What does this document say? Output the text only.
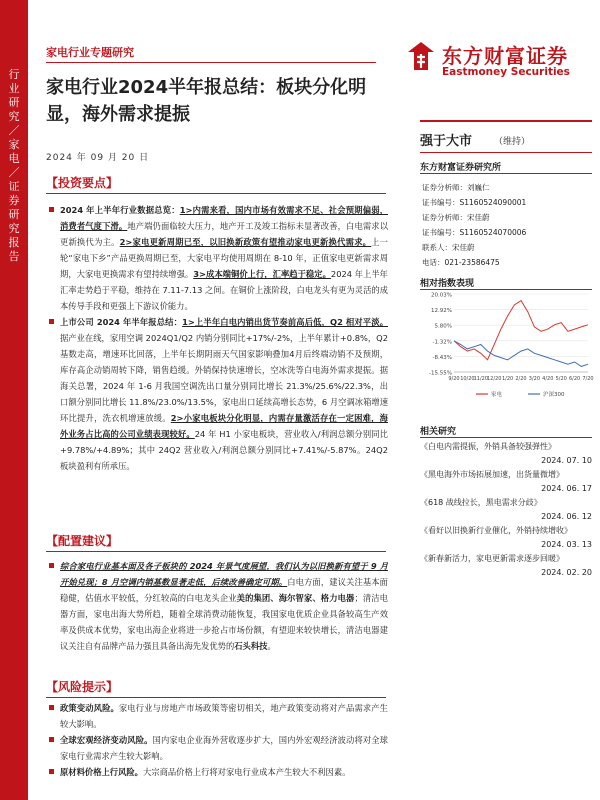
行业研究／家电／证券研究报告
家电行业专题研究	东方财富证券
Eastmoney Securities
家电行业2024半年报总结：板块分化明显，海外需求提振
2024 年 09 月 20 日
【投资要点】
2024 年上半年行业数据总览：1>内需来看，国内市场有效需求不足、社会预期偏弱，消费者气度下滑。地产端仍面临较大压力，地产开工及竣工指标未显著改善，白电需求以更新换代为主。2>家电更新周期已至，以旧换新政策有望推动家电更新换代需求。上一轮“家电下乡”产品更换周期已至，大家电平均使用周期在 8-10 年，正值家电更新需求周期，大家电更换需求有望持续增强。3>成本端铜价上行，汇率趋于稳定。2024 年上半年汇率走势趋于平稳，维持在 7.11-7.13 之间。在铜价上涨阶段，白电龙头有更为灵活的成本传导手段和更强上下游议价能力。
上市公司 2024 年半年报总结：1>上半年白电内销出货节奏前高后低，Q2 相对平淡。据产业在线，家用空调 2024Q1/Q2 内销分别同比+17%/-2%，上半年累计+0.8%，Q2 基数走高，增速环比回落，上半年长期阴雨天气国家影响叠加4月后终端动销不及预期，库存高企动销周转下降，销售趋缓。外销保持快速增长，空冰洗等白电海外需求提振。据海关总署，2024 年 1-6 月我国空调洗出口量分别同比增长 21.3%/25.6%/22.3%，出口额分别同比增长 11.8%/23.0%/13.5%，家电出口延续高增长态势，6 月空调冰箱增速环比提升，洗衣机增速放缓。2>小家电板块分化明显，内需存量激活存在一定困难，海外业务占比高的公司业绩表现较好。24 年 H1 小家电板块，营业收入/利润总额分别同比+9.78%/+4.89%；其中 24Q2 营业收入/利润总额分别同比+7.41%/-5.87%。24Q2 板块盈利有所承压。
【配置建议】
综合家电行业基本面及各子板块的 2024 年景气度展望，我们认为以旧换新有望于 9 月开始兑现；8 月空调内销基数显著走低，后续改善确定可期。白电方面，建议关注基本面稳健，估值水平较低，分红较高的白电龙头企业美的集团、海尔智家、格力电器；清洁电器方面，家电出海大势所趋，随着全球消费动能恢复，我国家电优质企业具备较高生产效率及供成本优势，家电出海企业将进一步抢占市场份额，有望迎来较快增长，清洁电器建议关注自有品牌产品力强且具备出海先发优势的石头科技。
【风险提示】
政策变动风险。家电行业与房地产市场政策等密切相关，地产政策变动将对产品需求产生较大影响。
全球宏观经济变动风险。国内家电企业海外营收逐步扩大，国内外宏观经济波动将对全球家电行业需求产生较大影响。
原材料价格上行风险。大宗商品价格上行将对家电行业成本产生较大不利因素。
强于大市 （维持）
东方财富证券研究所
证券分析师：刘巍仁
证书编号：S1160524090001
证券分析师：宋佳蔚
证书编号：S1160524070006
联系人：宋佳蔚
电话：021-23586475
相对指数表现
20.03%
12.92%
5.80%
-1.32%
-8.43%
-15.55%
9/20 10/20
11/20
12/20 1/20 2/20 3/20 4/20 5/20 6/20 7/20
家电	沪深300
相关研究
《白电内需提振，外销具备较强弹性》
2024. 07. 10
《黑电海外市场拓展加速，出货量微增》
2024. 06. 17
《618 战线拉长，黑电需求分歧》
2024. 06. 12
《看好以旧换新行业催化，外销持续增收》
2024. 03. 13
《新春新活力，家电更新需求逐步回暖》
2024. 02. 20
